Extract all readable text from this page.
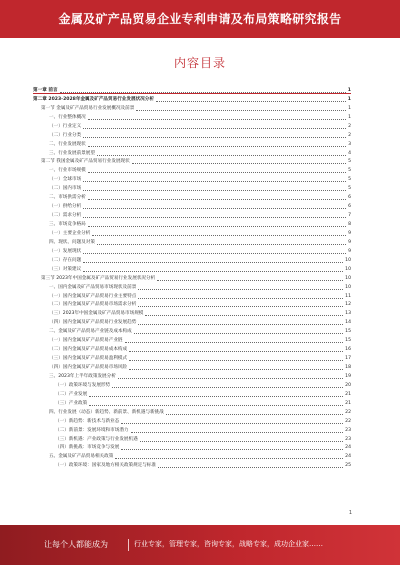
金属及矿产品贸易企业专利申请及布局策略研究报告
内容目录
第一章 前言	1
第二章 2023-2028年金属及矿产品贸易行业发展状况分析	1
第一节 金属及矿产品贸易行业发展概况及前景	1
一、行业整体概况	1
（一）行业定义	2
（二）行业分类	2
二、行业发展现状	3
三、行业发展前景展望	4
第二节 我国金属及矿产品贸易行业发展现状	5
一、行业市场规模	5
（一）全球市场	5
（二）国内市场	5
二、市场供需分析	6
（一）供给分析	6
（二）需求分析	7
三、市场竞争格局	8
（一）主要企业分析	9
四、现状、问题及对策	9
（一）发展现状	9
（二）存在问题	10
（三）对策建议	10
第三节 2023年中国金属及矿产品贸易行业发展状况分析	10
一、国内金属及矿产品贸易市场现状及前景	10
（一）国内金属及矿产品贸易行业主要特点	11
（二）国内金属及矿产品贸易市场需求分析	12
（三）2023年中国金属及矿产品贸易市场规模	13
（四）国内金属及矿产品贸易行业发展趋势	14
二、金属及矿产品贸易产业链及成本构成	15
（一）国内金属及矿产品贸易产业链	15
（二）国内金属及矿产品贸易成本构成	16
（三）国内金属及矿产品贸易盈利模式	17
（四）国内金属及矿产品贸易市场风险	18
三、2023年上半年政策发展分析	19
（一）政策环境与发展形势	20
（二）产业发展	21
（三）产业政策	21
四、行业发展（动态）新趋势、新前景、新机遇与新挑战	22
（一）新趋势：新技术与新业态	22
（二）新前景：发展环境和市场潜力	23
（三）新机遇：产业政策与行业发展机遇	23
（四）新挑战：市场竞争与发展	24
五、金属及矿产品贸易相关政策	24
（一）政策环境：国家及地方相关政策规定与标准	25
1
让每个人都能成为	行业专家，管理专家，咨询专家，战略专家，成功企业家……
